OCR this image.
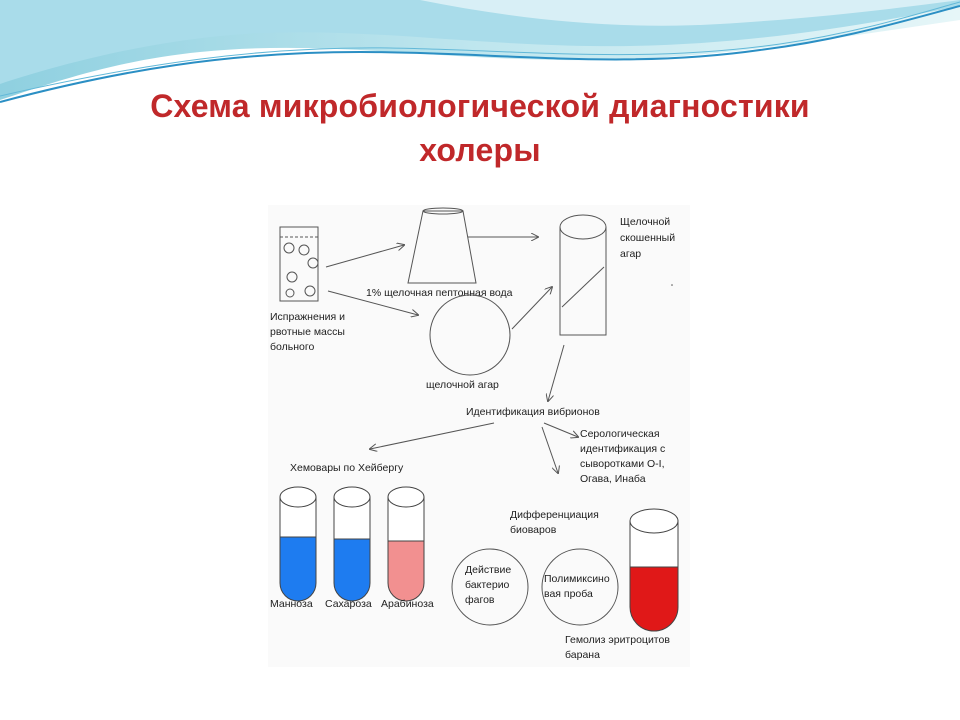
Схема микробиологической диагностики
холеры
Испражнения и рвотные массы больного
1% щелочная пептонная вода
Щелочной скошенный агар
щелочной агар
Идентификация вибрионов
Хемовары по Хейбергу
Серологическая идентификация с сыворотками О-I, Огава, Инаба
Дифференциация биоваров
Манноза Сахароза Арабиноза
Действие бактерио фагов
Полимиксино вая проба
Гемолиз эритроцитов барана
